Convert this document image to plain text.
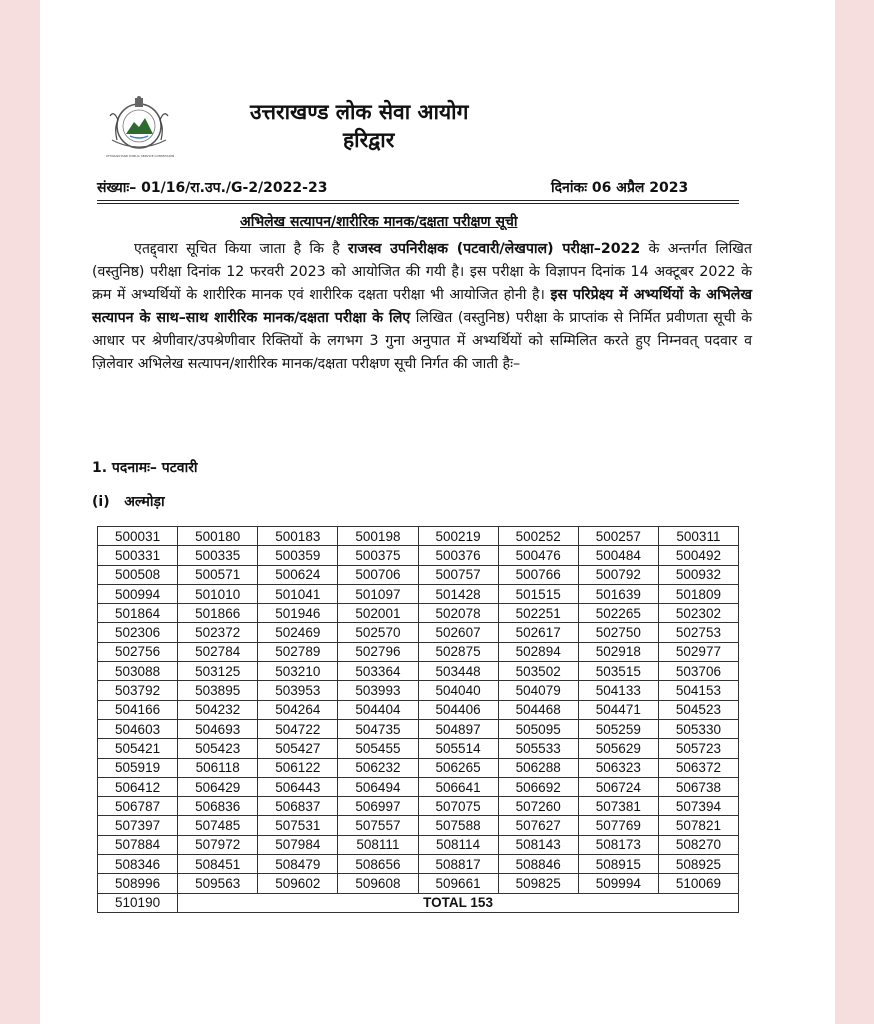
UTTARAKHAND PUBLIC SERVICE COMMISSION
उत्तराखण्ड लोक सेवा आयोग
हरिद्वार
संख्याः– 01/16/रा.उप./G-2/2022-23	दिनांकः 06 अप्रैल 2023
अभिलेख सत्यापन/शारीरिक मानक/दक्षता परीक्षण सूची
एतद्द्वारा सूचित किया जाता है कि है राजस्व उपनिरीक्षक (पटवारी/लेखपाल) परीक्षा–2022 के अन्तर्गत लिखित (वस्तुनिष्ठ) परीक्षा दिनांक 12 फरवरी 2023 को आयोजित की गयी है। इस परीक्षा के विज्ञापन दिनांक 14 अक्टूबर 2022 के क्रम में अभ्यर्थियों के शारीरिक मानक एवं शारीरिक दक्षता परीक्षा भी आयोजित होनी है। इस परिप्रेक्ष्य में अभ्यर्थियों के अभिलेख सत्यापन के साथ–साथ शारीरिक मानक/दक्षता परीक्षा के लिए लिखित (वस्तुनिष्ठ) परीक्षा के प्राप्तांक से निर्मित प्रवीणता सूची के आधार पर श्रेणीवार/उपश्रेणीवार रिक्तियों के लगभग 3 गुना अनुपात में अभ्यर्थियों को सम्मिलित करते हुए निम्नवत् पदवार व ज़िलेवार अभिलेख सत्यापन/शारीरिक मानक/दक्षता परीक्षण सूची निर्गत की जाती हैः–
1. पदनामः– पटवारी
(i)   अल्मोड़ा
500031	500180	500183	500198	500219	500252	500257	500311
500331	500335	500359	500375	500376	500476	500484	500492
500508	500571	500624	500706	500757	500766	500792	500932
500994	501010	501041	501097	501428	501515	501639	501809
501864	501866	501946	502001	502078	502251	502265	502302
502306	502372	502469	502570	502607	502617	502750	502753
502756	502784	502789	502796	502875	502894	502918	502977
503088	503125	503210	503364	503448	503502	503515	503706
503792	503895	503953	503993	504040	504079	504133	504153
504166	504232	504264	504404	504406	504468	504471	504523
504603	504693	504722	504735	504897	505095	505259	505330
505421	505423	505427	505455	505514	505533	505629	505723
505919	506118	506122	506232	506265	506288	506323	506372
506412	506429	506443	506494	506641	506692	506724	506738
506787	506836	506837	506997	507075	507260	507381	507394
507397	507485	507531	507557	507588	507627	507769	507821
507884	507972	507984	508111	508114	508143	508173	508270
508346	508451	508479	508656	508817	508846	508915	508925
508996	509563	509602	509608	509661	509825	509994	510069
510190	TOTAL 153						
